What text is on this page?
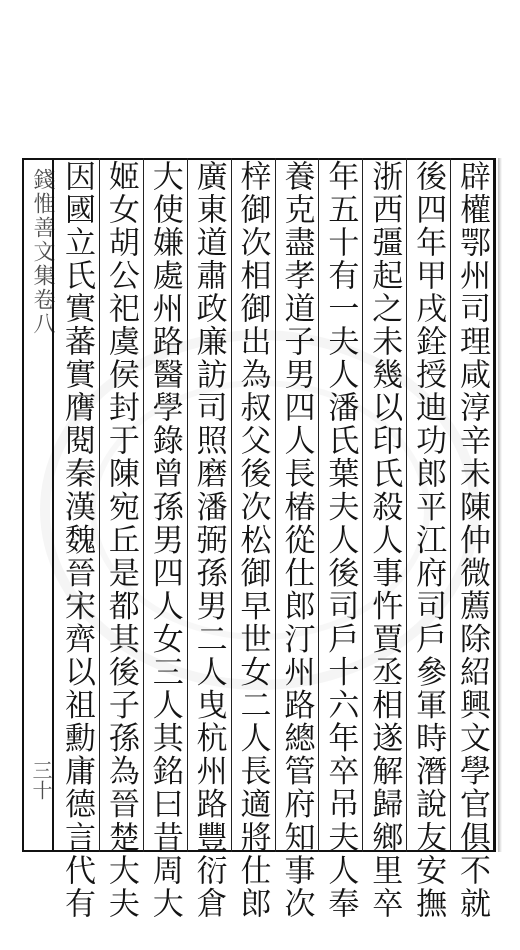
錢惟善文集卷八
三十	辟權鄂州司理咸淳辛未陳仲微薦除紹興文學官俱不就
後四年甲戌銓授迪功郎平江府司戶參軍時潛說友安撫
浙西彊起之未幾以印氏殺人事忤賈丞相遂解歸鄉里卒
年五十有一夫人潘氏葉夫人後司戶十六年卒吊夫人奉
養克盡孝道子男四人長椿從仕郎汀州路總管府知事次
梓御次相御出為叔父後次松御早世女二人長適將仕郎
廣東道肅政廉訪司照磨潘弼孫男二人曳杭州路豐衍倉
大使嫌處州路醫學錄曾孫男四人女三人其銘曰昔周大
姬女胡公祀虞侯封于陳宛丘是都其後子孫為晉楚大夫
因國立氏實蕃實膺閱秦漢魏晉宋齊以祖勳庸德言代有
